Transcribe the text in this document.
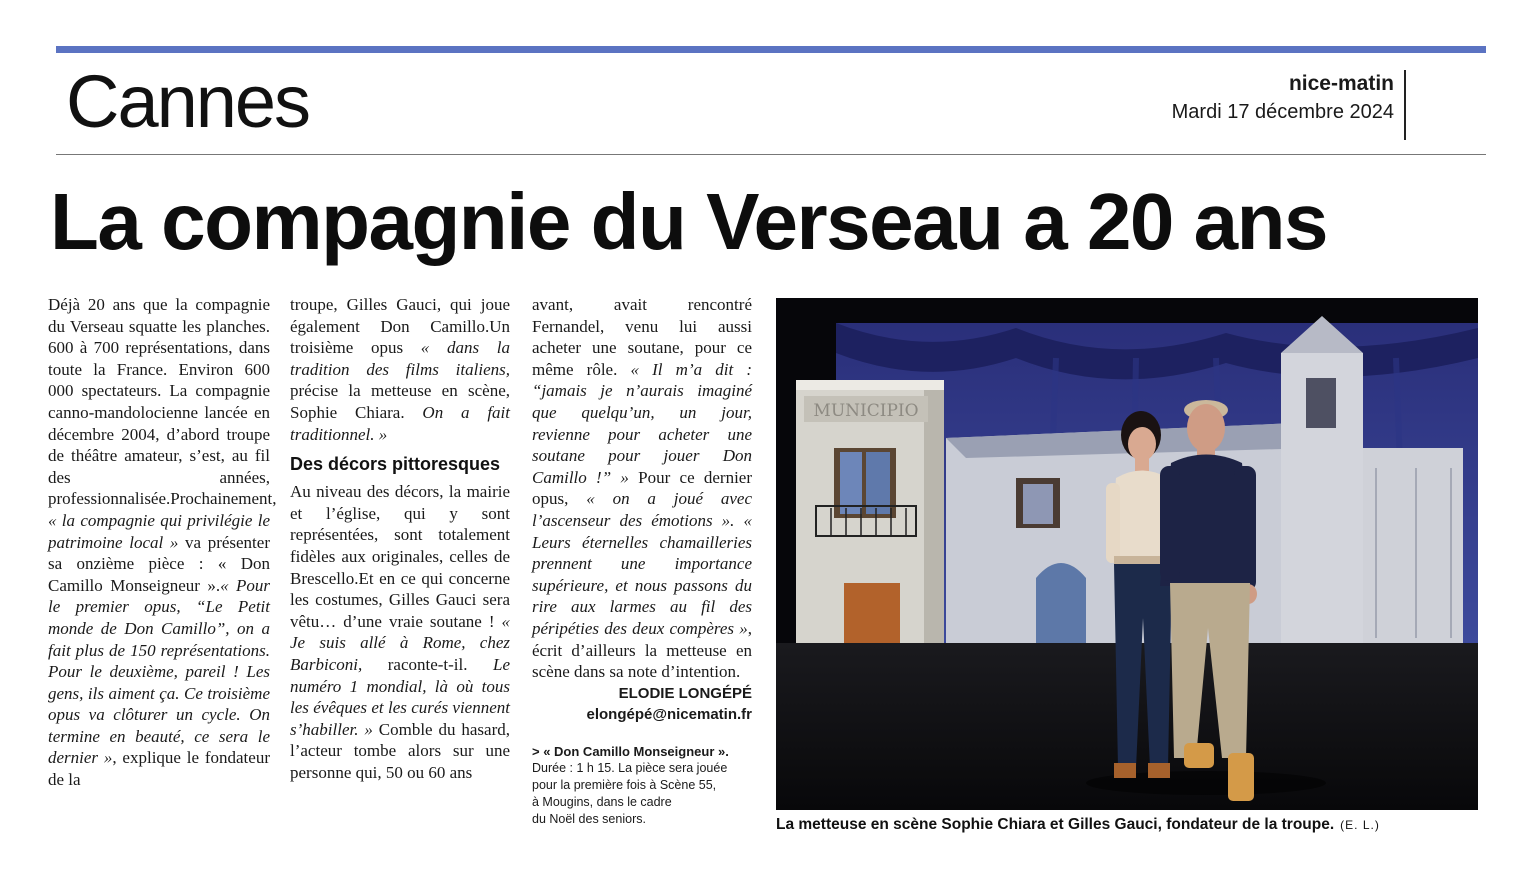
Cannes	nice-matin
Mardi 17 décembre 2024
La compagnie du Verseau a 20 ans

Déjà 20 ans que la compagnie du Verseau squatte les planches. 600 à 700 représentations, dans toute la France. Environ 600 000 spectateurs. La compagnie canno-mandolocienne lancée en décembre 2004, d’abord troupe de théâtre amateur, s’est, au fil des années, professionnalisée.Prochainement, « la compagnie qui privilégie le patrimoine local » va présenter sa onzième pièce : « Don Camillo Monseigneur ».« Pour le premier opus, “Le Petit monde de Don Camillo”, on a fait plus de 150 représentations. Pour le deuxième, pareil ! Les gens, ils aiment ça. Ce troisième opus va clôturer un cycle. On termine en beauté, ce sera le dernier », explique le fondateur de la

troupe, Gilles Gauci, qui joue également Don Camillo.Un troisième opus « dans la tradition des films italiens, précise la metteuse en scène, Sophie Chiara. On a fait traditionnel. »

Des décors pittoresques

Au niveau des décors, la mairie et l’église, qui y sont représentées, sont totalement fidèles aux originales, celles de Brescello.Et en ce qui concerne les costumes, Gilles Gauci sera vêtu… d’une vraie soutane ! « Je suis allé à Rome, chez Barbiconi, raconte-t-il. Le numéro 1 mondial, là où tous les évêques et les curés viennent s’habiller. » Comble du hasard, l’acteur tombe alors sur une personne qui, 50 ou 60 ans

avant, avait rencontré Fernandel, venu lui aussi acheter une soutane, pour ce même rôle. « Il m’a dit : “jamais je n’aurais imaginé que quelqu’un, un jour, revienne pour acheter une soutane pour jouer Don Camillo !” » Pour ce dernier opus, « on a joué avec l’ascenseur des émotions ». « Leurs éternelles chamailleries prennent une importance supérieure, et nous passons du rire aux larmes au fil des péripéties des deux compères », écrit d’ailleurs la metteuse en scène dans sa note d’intention.

ELODIE LONGÉPÉ
elongépé@nicematin.fr
> « Don Camillo Monseigneur ».
Durée : 1 h 15. La pièce sera jouée
pour la première fois à Scène 55,
à Mougins, dans le cadre
du Noël des seniors.
MUNICIPIO
La metteuse en scène Sophie Chiara et Gilles Gauci, fondateur de la troupe. (E. L.)
